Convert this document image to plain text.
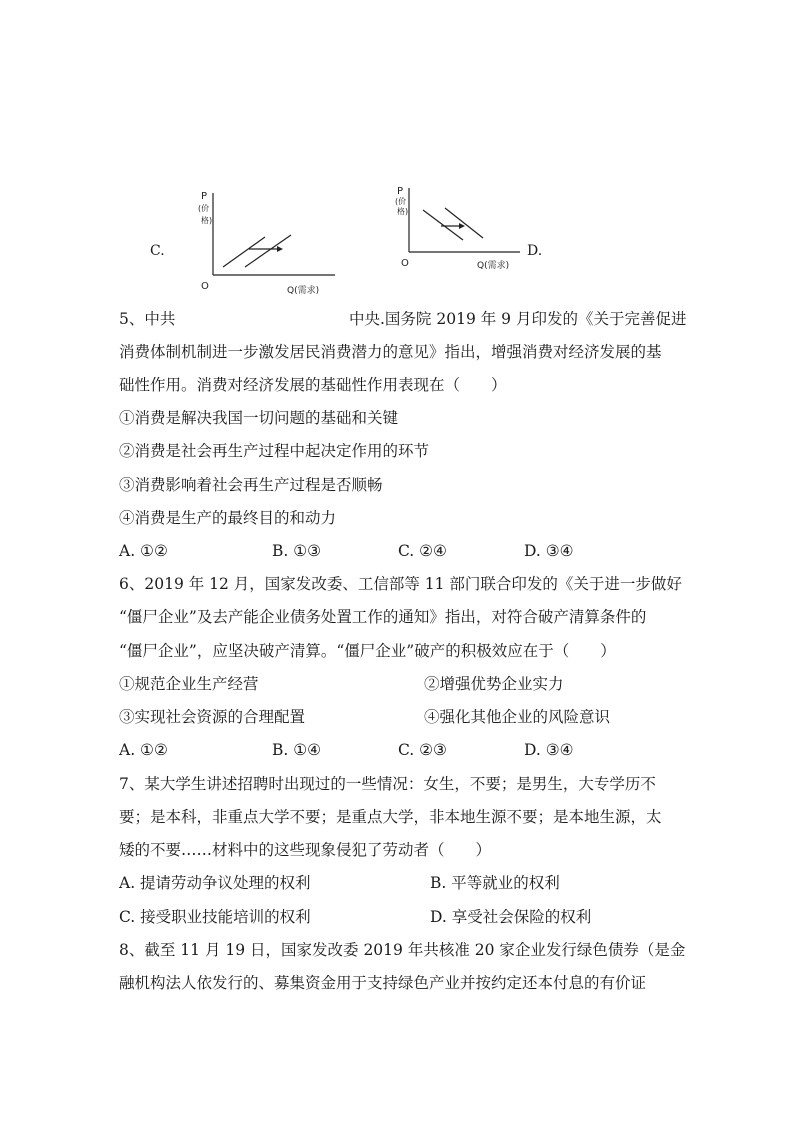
C.
P
(价
格)
O	Q(需求)
P
(价
格)
O	Q(需求)
D.
5、中共	中央.国务院 2019 年 9 月印发的《关于完善促进
消费体制机制进一步激发居民消费潜力的意见》指出，增强消费对经济发展的基
础性作用。消费对经济发展的基础性作用表现在（　　）
①消费是解决我国一切问题的基础和关键
②消费是社会再生产过程中起决定作用的环节
③消费影响着社会再生产过程是否顺畅
④消费是生产的最终目的和动力
A. ①②	B. ①③	C. ②④	D. ③④
6、2019 年 12 月，国家发改委、工信部等 11 部门联合印发的《关于进一步做好
“僵尸企业”及去产能企业债务处置工作的通知》指出，对符合破产清算条件的
“僵尸企业”，应坚决破产清算。“僵尸企业”破产的积极效应在于（　　）
①规范企业生产经营	②增强优势企业实力
③实现社会资源的合理配置	④强化其他企业的风险意识
A. ①②	B. ①④	C. ②③	D. ③④
7、某大学生讲述招聘时出现过的一些情况：女生，不要；是男生，大专学历不
要；是本科，非重点大学不要；是重点大学，非本地生源不要；是本地生源，太
矮的不要……材料中的这些现象侵犯了劳动者（　　）
A. 提请劳动争议处理的权利	B. 平等就业的权利
C. 接受职业技能培训的权利	D. 享受社会保险的权利
8、截至 11 月 19 日，国家发改委 2019 年共核准 20 家企业发行绿色债券（是金
融机构法人依发行的、募集资金用于支持绿色产业并按约定还本付息的有价证
